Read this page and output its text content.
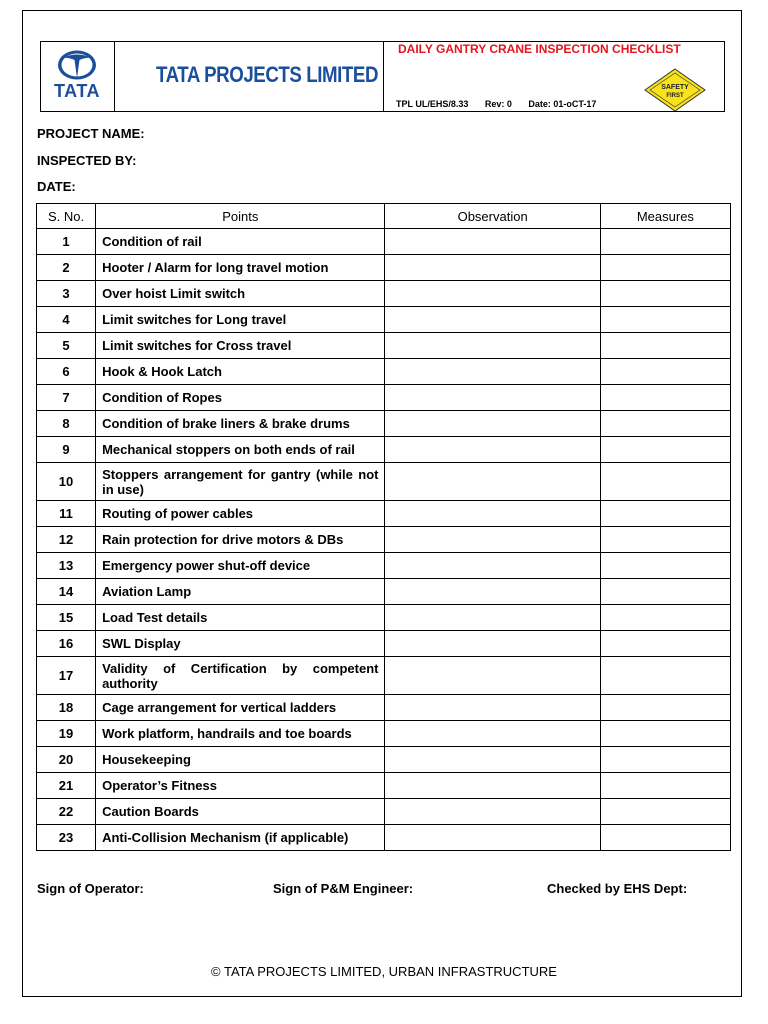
TATA
TATA PROJECTS LIMITED
DAILY GANTRY CRANE INSPECTION CHECKLIST
SAFETY
FIRST
TPL UL/EHS/8.33 Rev: 0 Date: 01-oCT-17
PROJECT NAME:
INSPECTED BY:
DATE:
S. No.	Points	Observation	Measures
1	Condition of rail		
2	Hooter / Alarm for long travel motion		
3	Over hoist Limit switch		
4	Limit switches for Long travel		
5	Limit switches for Cross travel		
6	Hook & Hook Latch		
7	Condition of Ropes		
8	Condition of brake liners & brake drums		
9	Mechanical stoppers on both ends of rail		
10	Stoppers arrangement for gantry (while not in use)		
11	Routing of power cables		
12	Rain protection for drive motors & DBs		
13	Emergency power shut-off device		
14	Aviation Lamp		
15	Load Test details		
16	SWL Display		
17	Validity of Certification by competent authority		
18	Cage arrangement for vertical ladders		
19	Work platform, handrails and toe boards		
20	Housekeeping		
21	Operator’s Fitness		
22	Caution Boards		
23	Anti-Collision Mechanism (if applicable)		
Sign of Operator:	Sign of P&M Engineer:	Checked by EHS Dept:
© TATA PROJECTS LIMITED, URBAN INFRASTRUCTURE
